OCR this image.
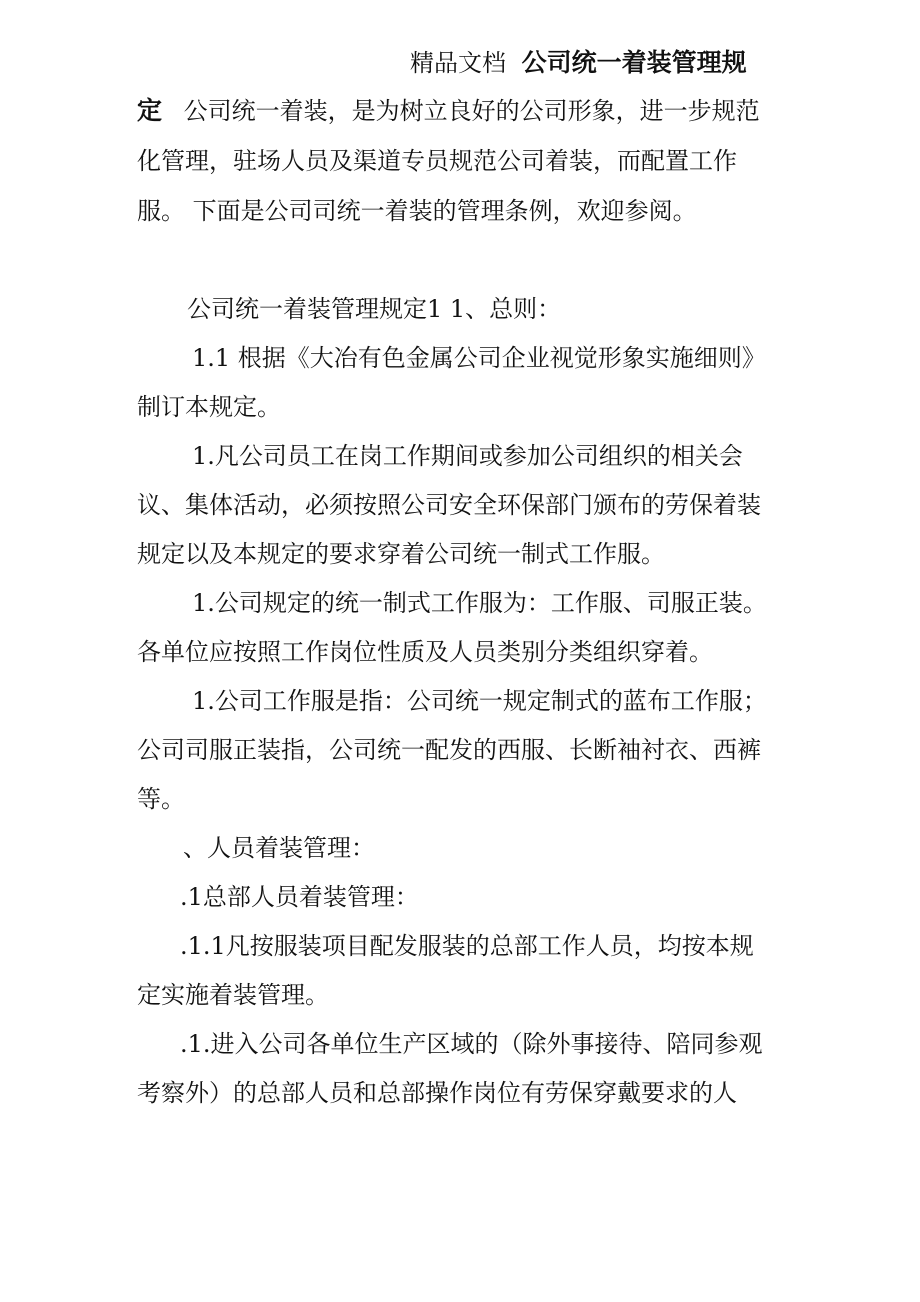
精品文档 公司统一着装管理规
定 公司统一着装，是为树立良好的公司形象，进一步规范
化管理，驻场人员及渠道专员规范公司着装，而配置工作
服。 下面是公司司统一着装的管理条例，欢迎参阅。
公司统一着装管理规定1 1、总则：
1.1 根据《大冶有色金属公司企业视觉形象实施细则》
制订本规定。
1.凡公司员工在岗工作期间或参加公司组织的相关会
议、集体活动，必须按照公司安全环保部门颁布的劳保着装
规定以及本规定的要求穿着公司统一制式工作服。
1.公司规定的统一制式工作服为：工作服、司服正装。
各单位应按照工作岗位性质及人员类别分类组织穿着。
1.公司工作服是指：公司统一规定制式的蓝布工作服；
公司司服正装指，公司统一配发的西服、长断袖衬衣、西裤
等。
、人员着装管理：
.1总部人员着装管理：
.1.1凡按服装项目配发服装的总部工作人员，均按本规
定实施着装管理。
.1.进入公司各单位生产区域的（除外事接待、陪同参观
考察外）的总部人员和总部操作岗位有劳保穿戴要求的人
